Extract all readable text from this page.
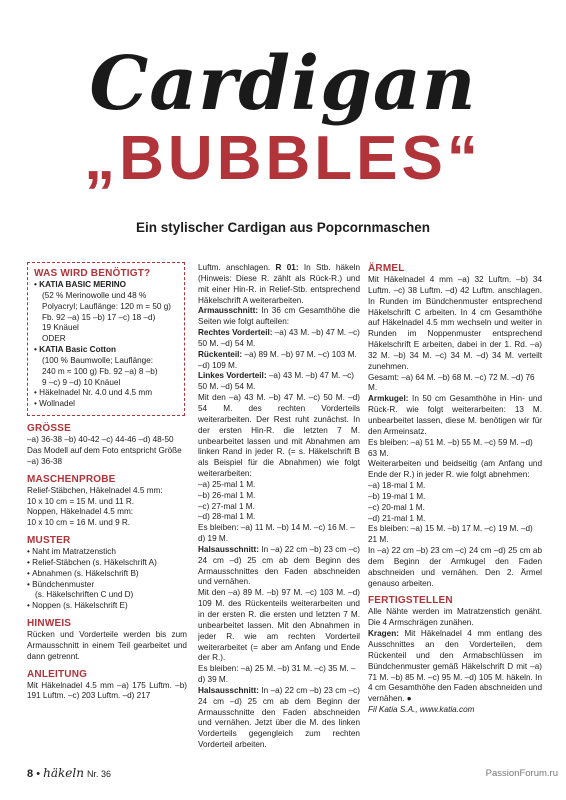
Cardigan
„BUBBLES“
Ein stylischer Cardigan aus Popcornmaschen
WAS WIRD BENÖTIGT?
• KATIA BASIC MERINO
(52 % Merinowolle und 48 %
Polyacryl; Lauflänge: 120 m = 50 g)
Fb. 92 –a) 15 –b) 17 –c) 18 –d)
19 Knäuel
ODER
• KATIA Basic Cotton
(100 % Baumwolle; Lauflänge:
240 m ≈ 100 g) Fb. 92 –a) 8 –b)
9 –c) 9 –d) 10 Knäuel
• Häkelnadel Nr. 4.0 und 4.5 mm
• Wollnadel
GRÖSSE
–a) 36-38 –b) 40-42 –c) 44-46 –d) 48-50
Das Modell auf dem Foto entspricht Größe
–a) 36-38
MASCHENPROBE
Relief-Stäbchen, Häkelnadel 4.5 mm:
10 x 10 cm = 15 M. und 11 R.
Noppen, Häkelnadel 4.5 mm:
10 x 10 cm = 16 M. und 9 R.
MUSTER
• Naht im Matratzenstich
• Relief-Stäbchen (s. Häkelschrift A)
• Abnahmen (s. Häkelschrift B)
• Bündchenmuster
(s. Häkelschriften C und D)
• Noppen (s. Häkelschrift E)
HINWEIS
Rücken und Vorderteile werden bis zum Armausschnitt in einem Teil gearbeitet und dann getrennt.
ANLEITUNG
Mit Häkelnadel 4.5 mm –a) 175 Luftm. –b) 191 Luftm. –c) 203 Luftm. –d) 217
Luftm. anschlagen. R 01: In Stb. häkeln (Hinweis: Diese R. zählt als Rück-R.) und mit einer Hin-R. in Relief-Stb. entsprechend Häkelschrift A weiterarbeiten.
Armausschnitt: In 36 cm Gesamthöhe die Seiten wie folgt aufteilen:
Rechtes Vorderteil: –a) 43 M. –b) 47 M. –c) 50 M. –d) 54 M.
Rückenteil: –a) 89 M. –b) 97 M. –c) 103 M. –d) 109 M.
Linkes Vorderteil: –a) 43 M. –b) 47 M. –c) 50 M. –d) 54 M.
Mit den –a) 43 M. –b) 47 M. –c) 50 M. –d) 54 M. des rechten Vorderteils weiterarbeiten. Der Rest ruht zunächst. In der ersten Hin-R. die letzten 7 M. unbearbeitet lassen und mit Abnahmen am linken Rand in jeder R. (= s. Häkelschrift B als Beispiel für die Abnahmen) wie folgt weiterarbeiten:
–a) 25-mal 1 M.
–b) 26-mal 1 M.
–c) 27-mal 1 M.
–d) 28-mal 1 M.
Es bleiben: –a) 11 M. –b) 14 M. –c) 16 M. –d) 19 M.
Halsausschnitt: In –a) 22 cm –b) 23 cm –c) 24 cm –d) 25 cm ab dem Beginn des Armausschnittes den Faden abschneiden und vernähen.
Mit den –a) 89 M. –b) 97 M. –c) 103 M. –d) 109 M. des Rückenteils weiterarbeiten und in der ersten R. die ersten und letzten 7 M. unbearbeitet lassen. Mit den Abnahmen in jeder R. wie am rechten Vorderteil weiterarbeitet (= aber am Anfang und Ende der R.).
Es bleiben: –a) 25 M. –b) 31 M. –c) 35 M. –d) 39 M.
Halsausschnitt: In –a) 22 cm –b) 23 cm –c) 24 cm –d) 25 cm ab dem Beginn der Armausschnitte den Faden abschneiden und vernähen. Jetzt über die M. des linken Vorderteils gegengleich zum rechten Vorderteil arbeiten.
ÄRMEL
Mit Häkelnadel 4 mm –a) 32 Luftm. –b) 34 Luftm. –c) 38 Luftm. –d) 42 Luftm. anschlagen. In Runden im Bündchenmuster entsprechend Häkelschrift C arbeiten. In 4 cm Gesamthöhe auf Häkelnadel 4.5 mm wechseln und weiter in Runden im Noppenmuster entsprechend Häkelschrift E arbeiten, dabei in der 1. Rd. –a) 32 M. –b) 34 M. –c) 34 M. –d) 34 M. verteilt zunehmen.
Gesamt: –a) 64 M. –b) 68 M. –c) 72 M. –d) 76 M.
Armkugel: In 50 cm Gesamthöhe in Hin- und Rück-R. wie folgt weiterarbeiten: 13 M. unbearbeitet lassen, diese M. benötigen wir für den Armeinsatz.
Es bleiben: –a) 51 M. –b) 55 M. –c) 59 M. –d) 63 M.
Weiterarbeiten und beidseitig (am Anfang und Ende der R.) in jeder R. wie folgt abnehmen:
–a) 18-mal 1 M.
–b) 19-mal 1 M.
–c) 20-mal 1 M.
–d) 21-mal 1 M.
Es bleiben: –a) 15 M. –b) 17 M. –c) 19 M. –d) 21 M.
In –a) 22 cm –b) 23 cm –c) 24 cm –d) 25 cm ab dem Beginn der Armkugel den Faden abschneiden und vernähen. Den 2. Ärmel genauso arbeiten.
FERTIGSTELLEN
Alle Nähte werden im Matratzenstich genäht. Die 4 Armschrägen zunähen.
Kragen: Mit Häkelnadel 4 mm entlang des Ausschnittes an den Vorderteilen, dem Rückenteil und den Armabschlüssen im Bündchenmuster gemäß Häkelschrift D mit –a) 71 M. –b) 85 M. –c) 95 M. –d) 105 M. häkeln. In 4 cm Gesamthöhe den Faden abschneiden und vernähen. ●
Fil Katia S.A., www.katia.com
8 • häkeln Nr. 36	PassionForum.ru
